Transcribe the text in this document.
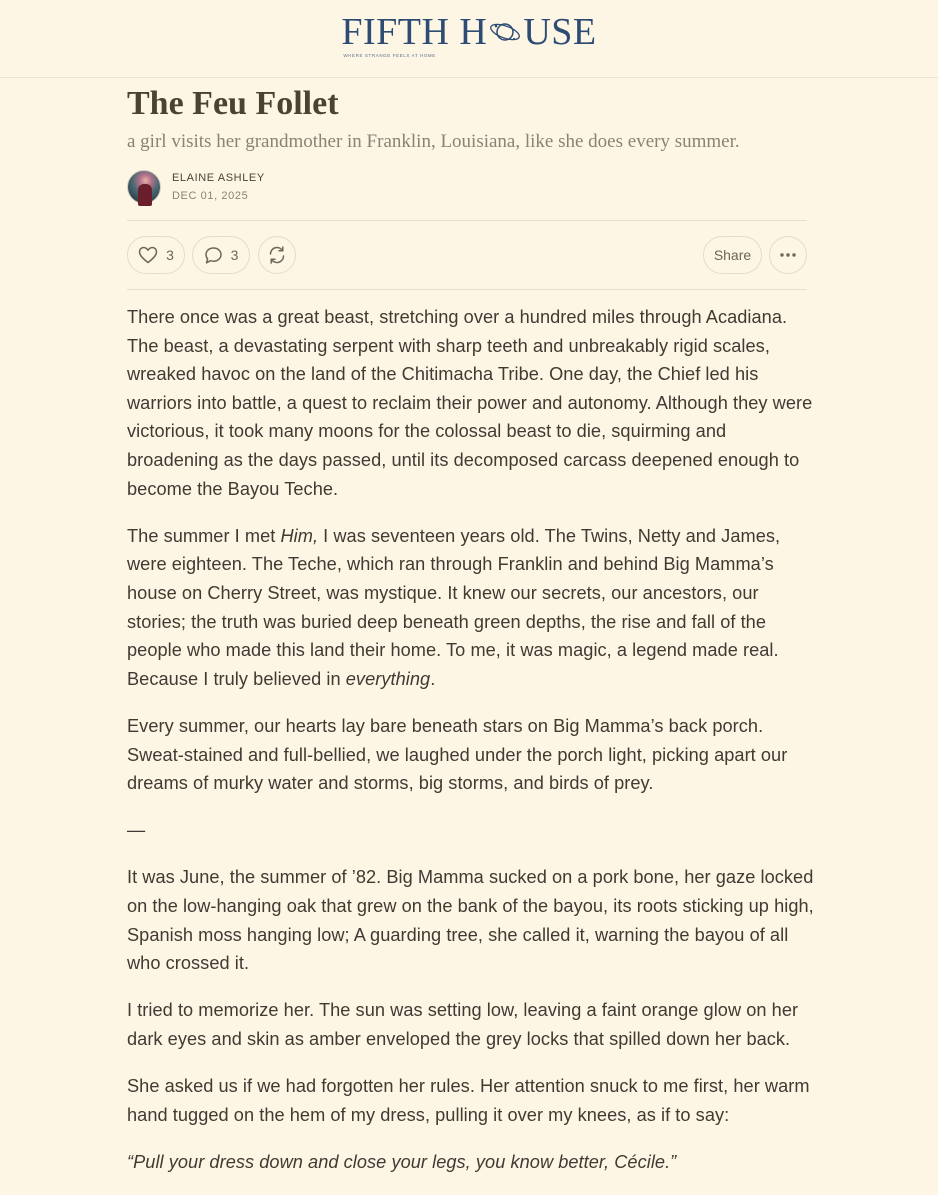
FIFTH H USE
WHERE STRANGE FEELS AT HOME
The Feu Follet
a girl visits her grandmother in Franklin, Louisiana, like she does every summer.
ELAINE ASHLEY
DEC 01, 2025
3	3	Share

There once was a great beast, stretching over a hundred miles through Acadiana. The beast, a devastating serpent with sharp teeth and unbreakably rigid scales, wreaked havoc on the land of the Chitimacha Tribe. One day, the Chief led his warriors into battle, a quest to reclaim their power and autonomy. Although they were victorious, it took many moons for the colossal beast to die, squirming and broadening as the days passed, until its decomposed carcass deepened enough to become the Bayou Teche.

The summer I met Him, I was seventeen years old. The Twins, Netty and James, were eighteen. The Teche, which ran through Franklin and behind Big Mamma’s house on Cherry Street, was mystique. It knew our secrets, our ancestors, our stories; the truth was buried deep beneath green depths, the rise and fall of the people who made this land their home. To me, it was magic, a legend made real. Because I truly believed in everything.

Every summer, our hearts lay bare beneath stars on Big Mamma’s back porch. Sweat-stained and full-bellied, we laughed under the porch light, picking apart our dreams of murky water and storms, big storms, and birds of prey.

—

It was June, the summer of ’82. Big Mamma sucked on a pork bone, her gaze locked on the low-hanging oak that grew on the bank of the bayou, its roots sticking up high, Spanish moss hanging low; A guarding tree, she called it, warning the bayou of all who crossed it.

I tried to memorize her. The sun was setting low, leaving a faint orange glow on her dark eyes and skin as amber enveloped the grey locks that spilled down her back.

She asked us if we had forgotten her rules. Her attention snuck to me first, her warm hand tugged on the hem of my dress, pulling it over my knees, as if to say:

“Pull your dress down and close your legs, you know better, Cécile.”
